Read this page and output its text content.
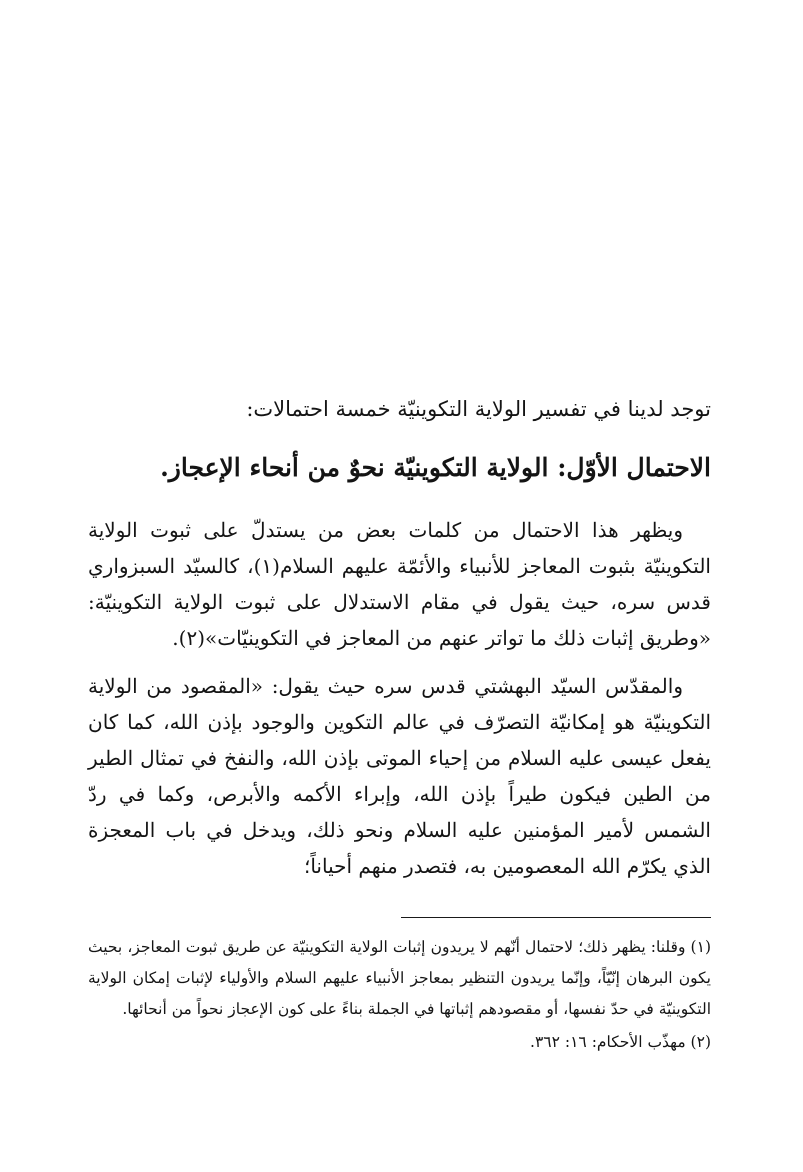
توجد لدينا في تفسير الولاية التكوينيّة خمسة احتمالات:
الاحتمال الأوّل: الولاية التكوينيّة نحوٌ من أنحاء الإعجاز.

ويظهر هذا الاحتمال من كلمات بعض من يستدلّ على ثبوت الولاية التكوينيّة بثبوت المعاجز للأنبياء والأئمّة عليهم السلام(١)، كالسيّد السبزواري قدس سره، حيث يقول في مقام الاستدلال على ثبوت الولاية التكوينيّة: «وطريق إثبات ذلك ما تواتر عنهم من المعاجز في التكوينيّات»(٢).

والمقدّس السيّد البهشتي قدس سره حيث يقول: «المقصود من الولاية التكوينيّة هو إمكانيّة التصرّف في عالم التكوين والوجود بإذن الله، كما كان يفعل عيسى عليه السلام من إحياء الموتى بإذن الله، والنفخ في تمثال الطير من الطين فيكون طيراً بإذن الله، وإبراء الأكمه والأبرص، وكما في ردّ الشمس لأمير المؤمنين عليه السلام ونحو ذلك، ويدخل في باب المعجزة الذي يكرّم الله المعصومين به، فتصدر منهم أحياناً؛

(١) وقلنا: يظهر ذلك؛ لاحتمال أنّهم لا يريدون إثبات الولاية التكوينيّة عن طريق ثبوت المعاجز، بحيث يكون البرهان إنّيّاً، وإنّما يريدون التنظير بمعاجز الأنبياء عليهم السلام والأولياء لإثبات إمكان الولاية التكوينيّة في حدّ نفسها، أو مقصودهم إثباتها في الجملة بناءً على كون الإعجاز نحواً من أنحائها.

(٢) مهذّب الأحكام: ١٦: ٣٦٢.
